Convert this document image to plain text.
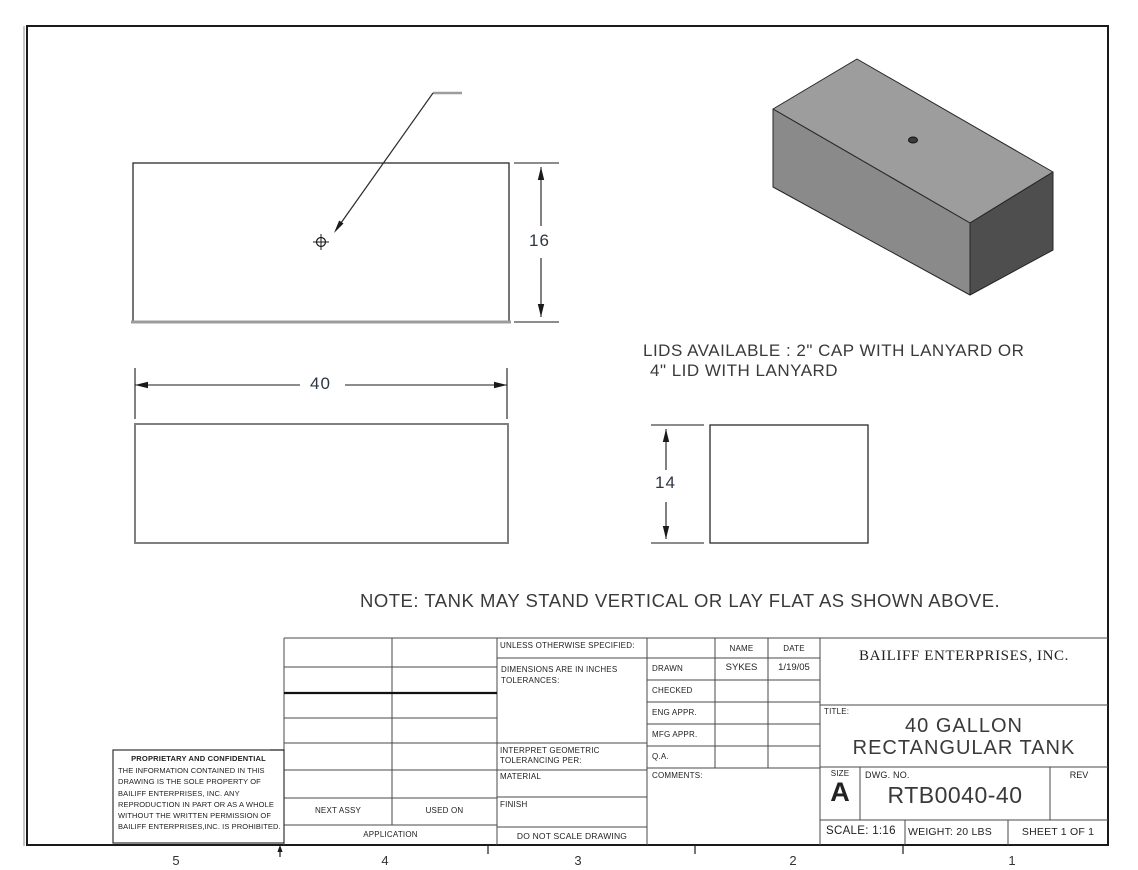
LIDS AVAILABLE : 2" CAP WITH LANYARD OR
4" LID WITH LANYARD
NOTE: TANK MAY STAND VERTICAL OR LAY FLAT AS SHOWN ABOVE.
16
40
14
5	4	3	2	1
PROPRIETARY AND CONFIDENTIAL
THE INFORMATION CONTAINED IN THIS DRAWING IS THE SOLE PROPERTY OF BAILIFF ENTERPRISES, INC. ANY REPRODUCTION IN PART OR AS A WHOLE WITHOUT THE WRITTEN PERMISSION OF BAILIFF ENTERPRISES,INC. IS PROHIBITED.
NEXT ASSY	USED ON
APPLICATION
UNLESS OTHERWISE SPECIFIED:
DIMENSIONS ARE IN INCHES
TOLERANCES:
INTERPRET GEOMETRIC
TOLERANCING PER:
MATERIAL
FINISH
DO NOT SCALE DRAWING
NAME	DATE
DRAWN	SYKES	1/19/05
CHECKED
ENG APPR.
MFG APPR.
Q.A.
COMMENTS:
BAILIFF ENTERPRISES, INC.
TITLE:
40 GALLON
RECTANGULAR TANK
SIZE
A
DWG. NO.
RTB0040-40
REV
SCALE: 1:16 WEIGHT: 20 LBS	SHEET 1 OF 1
